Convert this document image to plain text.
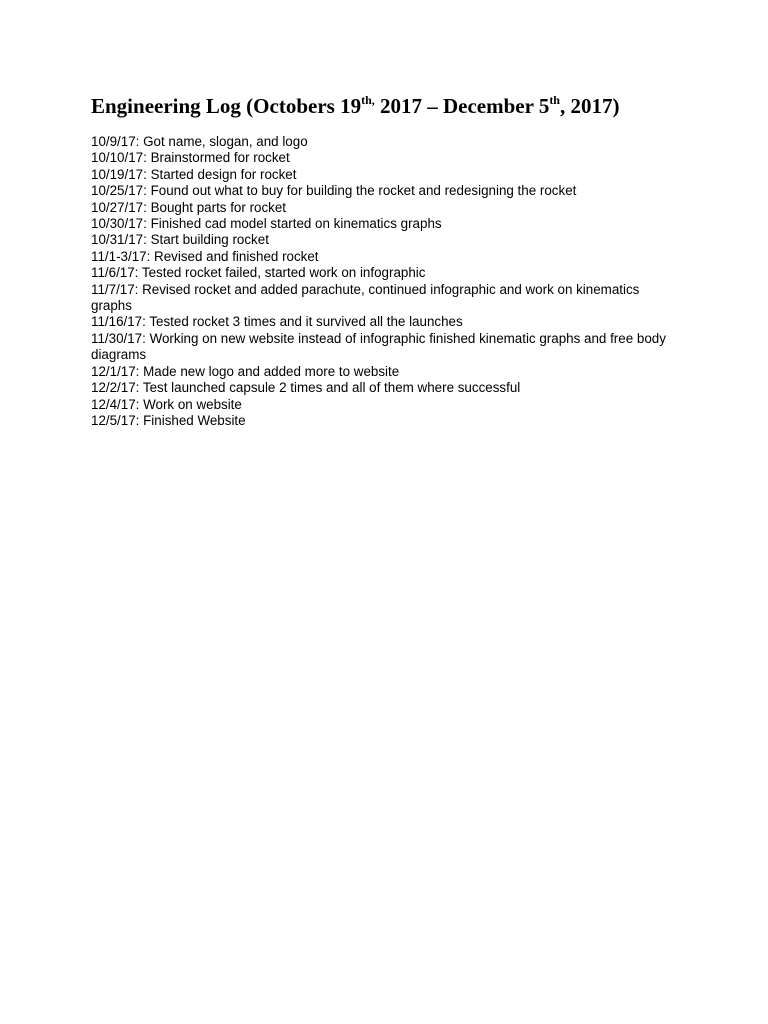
Engineering Log (Octobers $19^{th,}$ 2017 – December 5th, 2017)
10/9/17: Got name, slogan, and logo
10/10/17: Brainstormed for rocket
10/19/17: Started design for rocket
10/25/17: Found out what to buy for building the rocket and redesigning the rocket
10/27/17: Bought parts for rocket
10/30/17: Finished cad model started on kinematics graphs
10/31/17: Start building rocket
11/1-3/17: Revised and finished rocket
11/6/17: Tested rocket failed, started work on infographic
11/7/17: Revised rocket and added parachute, continued infographic and work on kinematics graphs
11/16/17: Tested rocket 3 times and it survived all the launches
11/30/17: Working on new website instead of infographic finished kinematic graphs and free body diagrams
12/1/17: Made new logo and added more to website
12/2/17: Test launched capsule 2 times and all of them where successful
12/4/17: Work on website
12/5/17: Finished Website
